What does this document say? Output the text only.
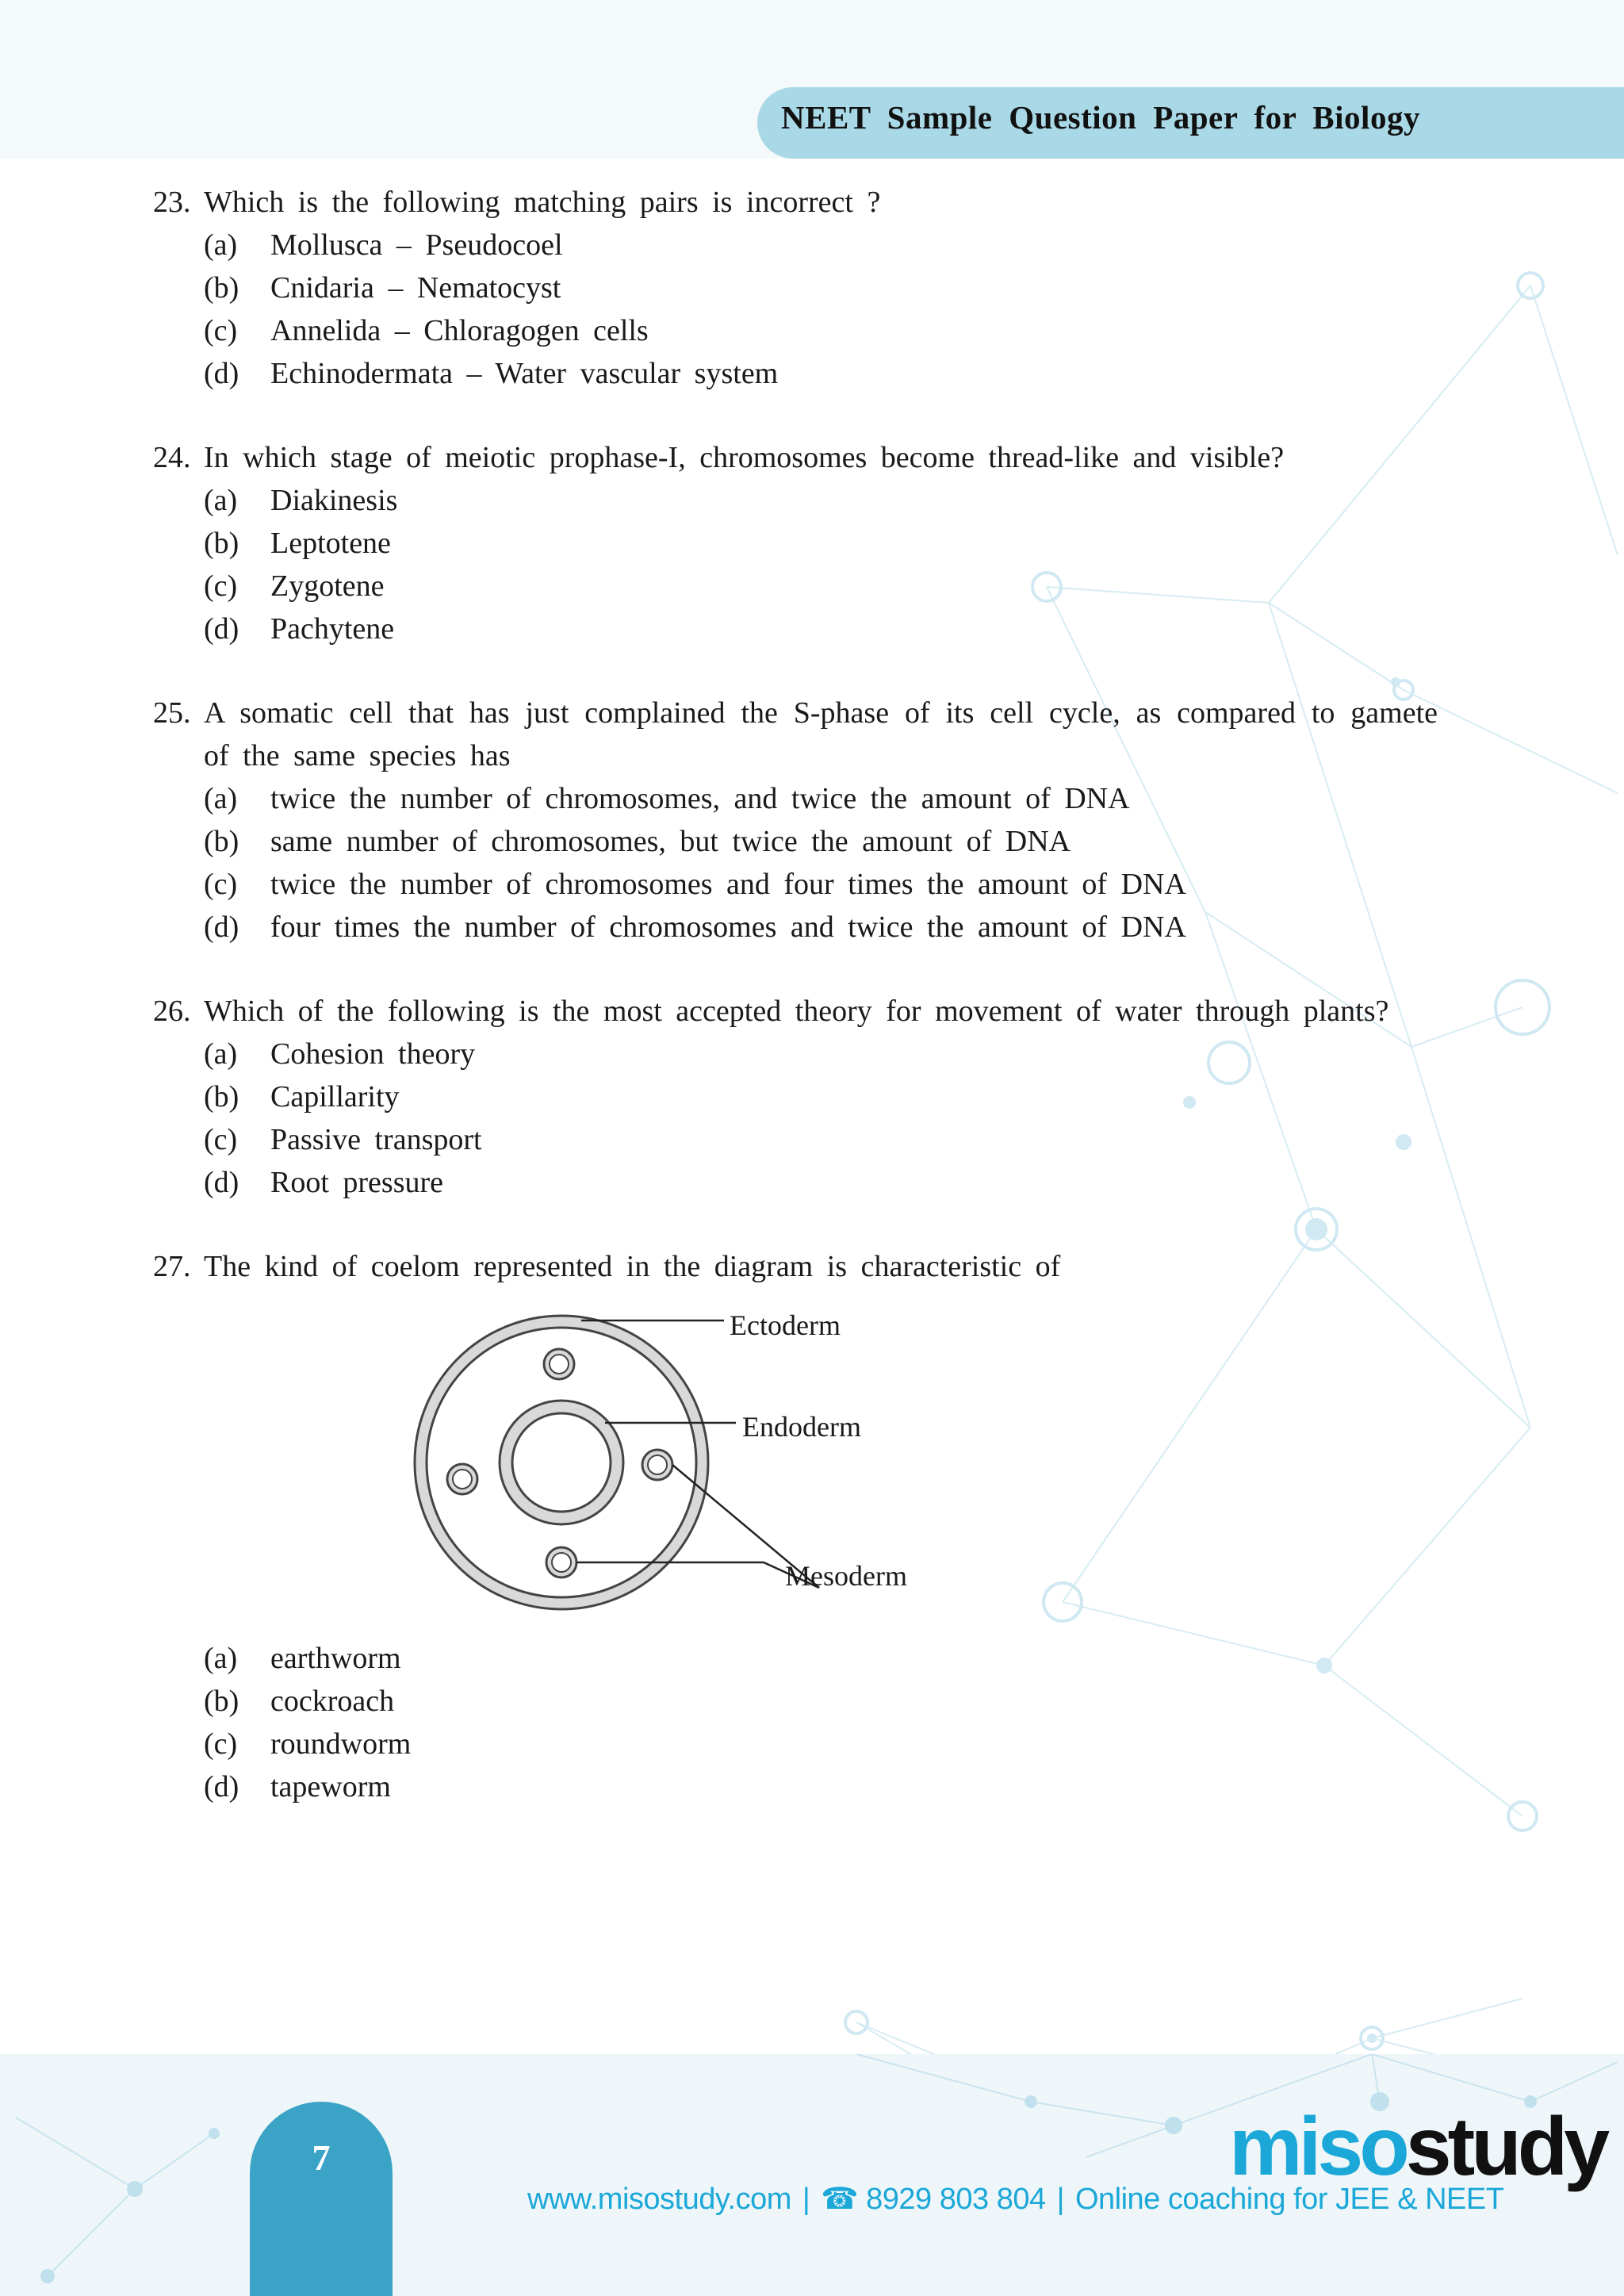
NEET Sample Question Paper for Biology
23. Which is the following matching pairs is incorrect ?
(a) Mollusca – Pseudocoel
(b) Cnidaria – Nematocyst
(c) Annelida – Chloragogen cells
(d) Echinodermata – Water vascular system
24. In which stage of meiotic prophase-I, chromosomes become thread-like and visible?
(a) Diakinesis
(b) Leptotene
(c) Zygotene
(d) Pachytene
25. A somatic cell that has just complained the S-phase of its cell cycle, as compared to gamete of the same species has
(a) twice the number of chromosomes, and twice the amount of DNA
(b) same number of chromosomes, but twice the amount of DNA
(c) twice the number of chromosomes and four times the amount of DNA
(d) four times the number of chromosomes and twice the amount of DNA
26. Which of the following is the most accepted theory for movement of water through plants?
(a) Cohesion theory
(b) Capillarity
(c) Passive transport
(d) Root pressure
27. The kind of coelom represented in the diagram is characteristic of
Ectoderm
Endoderm
Mesoderm
(a) earthworm
(b) cockroach
(c) roundworm
(d) tapeworm
7	misostudy
www.misostudy.com | ☎ 8929 803 804 | Online coaching for JEE & NEET
